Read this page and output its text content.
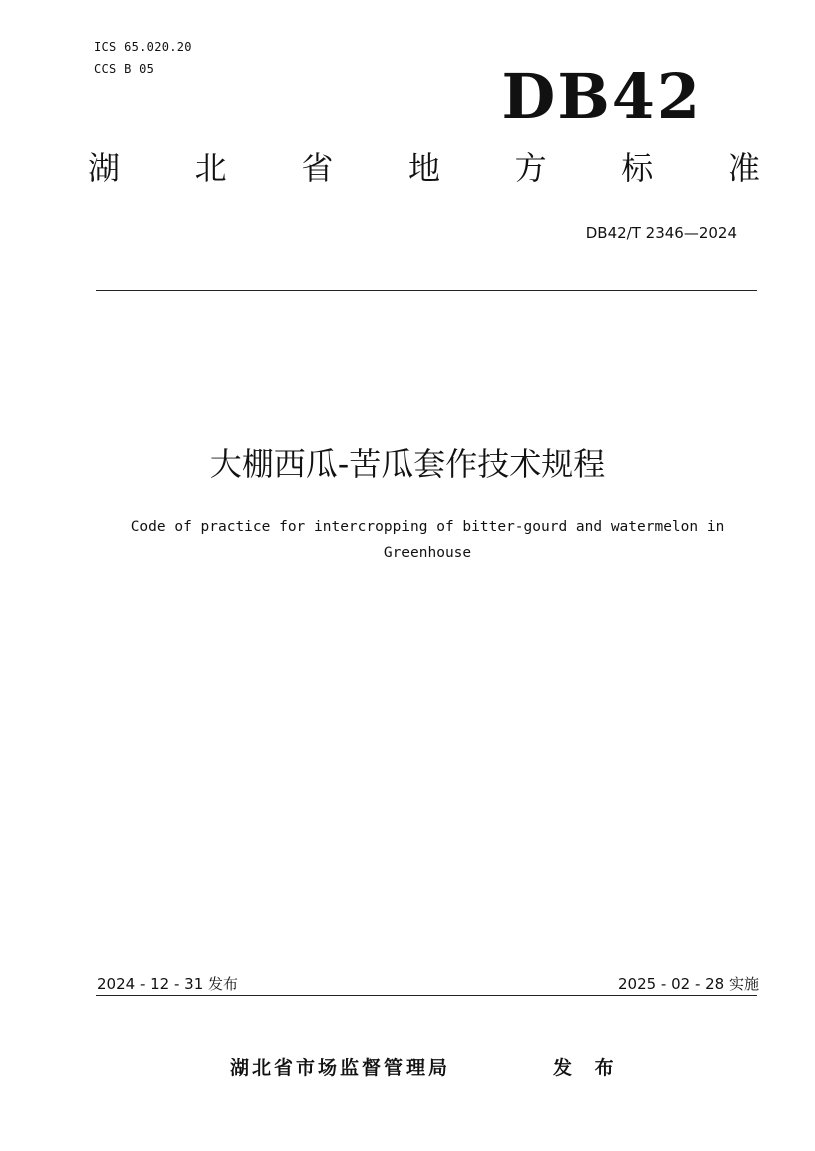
ICS 65.020.20
CCS B 05	DB42
湖 北 省 地 方 标 准
DB42/T 2346—2024
大棚西瓜-苦瓜套作技术规程
Code of practice for intercropping of bitter-gourd and watermelon in Greenhouse
2024 - 12 - 31 发布	2025 - 02 - 28 实施
湖北省市场监督管理局	发 布
